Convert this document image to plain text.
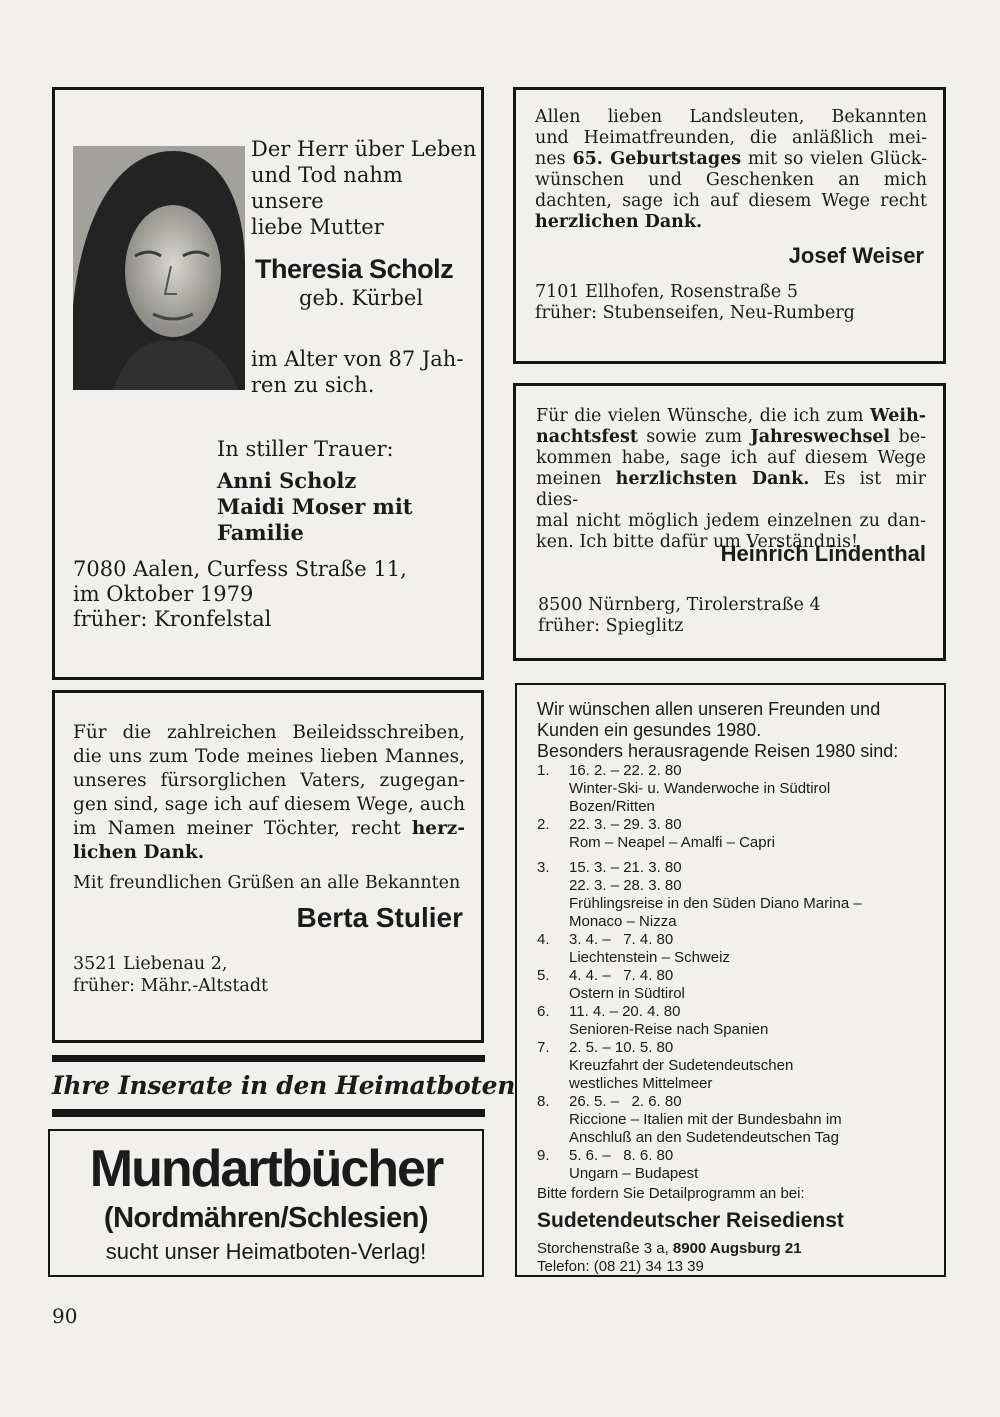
Der Herr über Leben

und Tod nahm unsere

liebe Mutter

Theresia Scholz
geb. Kürbel

im Alter von 87 Jah-

ren zu sich.

In stiller Trauer:

Anni Scholz

Maidi Moser mit Familie

7080 Aalen, Curfess Straße 11,

im Oktober 1979

früher: Kronfelstal

Allen lieben Landsleuten, Bekannten

und Heimatfreunden, die anläßlich mei-

nes 65. Geburtstages mit so vielen Glück-

wünschen und Geschenken an mich

dachten, sage ich auf diesem Wege recht

herzlichen Dank.

Josef Weiser

7101 Ellhofen, Rosenstraße 5

früher: Stubenseifen, Neu-Rumberg

Für die vielen Wünsche, die ich zum Weih-

nachtsfest sowie zum Jahreswechsel be-

kommen habe, sage ich auf diesem Wege

meinen herzlichsten Dank. Es ist mir dies-

mal nicht möglich jedem einzelnen zu dan-

ken. Ich bitte dafür um Verständnis!

Heinrich Lindenthal

8500 Nürnberg, Tirolerstraße 4

früher: Spieglitz

Für die zahlreichen Beileidsschreiben,

die uns zum Tode meines lieben Mannes,

unseres fürsorglichen Vaters, zugegan-

gen sind, sage ich auf diesem Wege, auch

im Namen meiner Töchter, recht herz-

lichen Dank.

Mit freundlichen Grüßen an alle Bekannten
Berta Stulier

3521 Liebenau 2,

früher: Mähr.-Altstadt

Ihre Inserate in den Heimatboten
Mundartbücher
(Nordmähren/Schlesien)
sucht unser Heimatboten-Verlag!

Wir wünschen allen unseren Freunden und

Kunden ein gesundes 1980.

Besonders herausragende Reisen 1980 sind:

1. 16. 2. – 22. 2. 80
Winter-Ski- u. Wanderwoche in Südtirol
Bozen/Ritten
2. 22. 3. – 29. 3. 80
Rom – Neapel – Amalfi – Capri
3. 15. 3. – 21. 3. 80
22. 3. – 28. 3. 80
Frühlingsreise in den Süden Diano Marina –
Monaco – Nizza
4. 3. 4. –   7. 4. 80
Liechtenstein – Schweiz
5. 4. 4. –   7. 4. 80
Ostern in Südtirol
6. 11. 4. – 20. 4. 80
Senioren-Reise nach Spanien
7. 2. 5. – 10. 5. 80
Kreuzfahrt der Sudetendeutschen
westliches Mittelmeer
8. 26. 5. –   2. 6. 80
Riccione – Italien mit der Bundesbahn im
Anschluß an den Sudetendeutschen Tag
9. 5. 6. –   8. 6. 80
Ungarn – Budapest
Bitte fordern Sie Detailprogramm an bei:
Sudetendeutscher Reisedienst
Storchenstraße 3 a, 8900 Augsburg 21
Telefon: (08 21) 34 13 39
90
